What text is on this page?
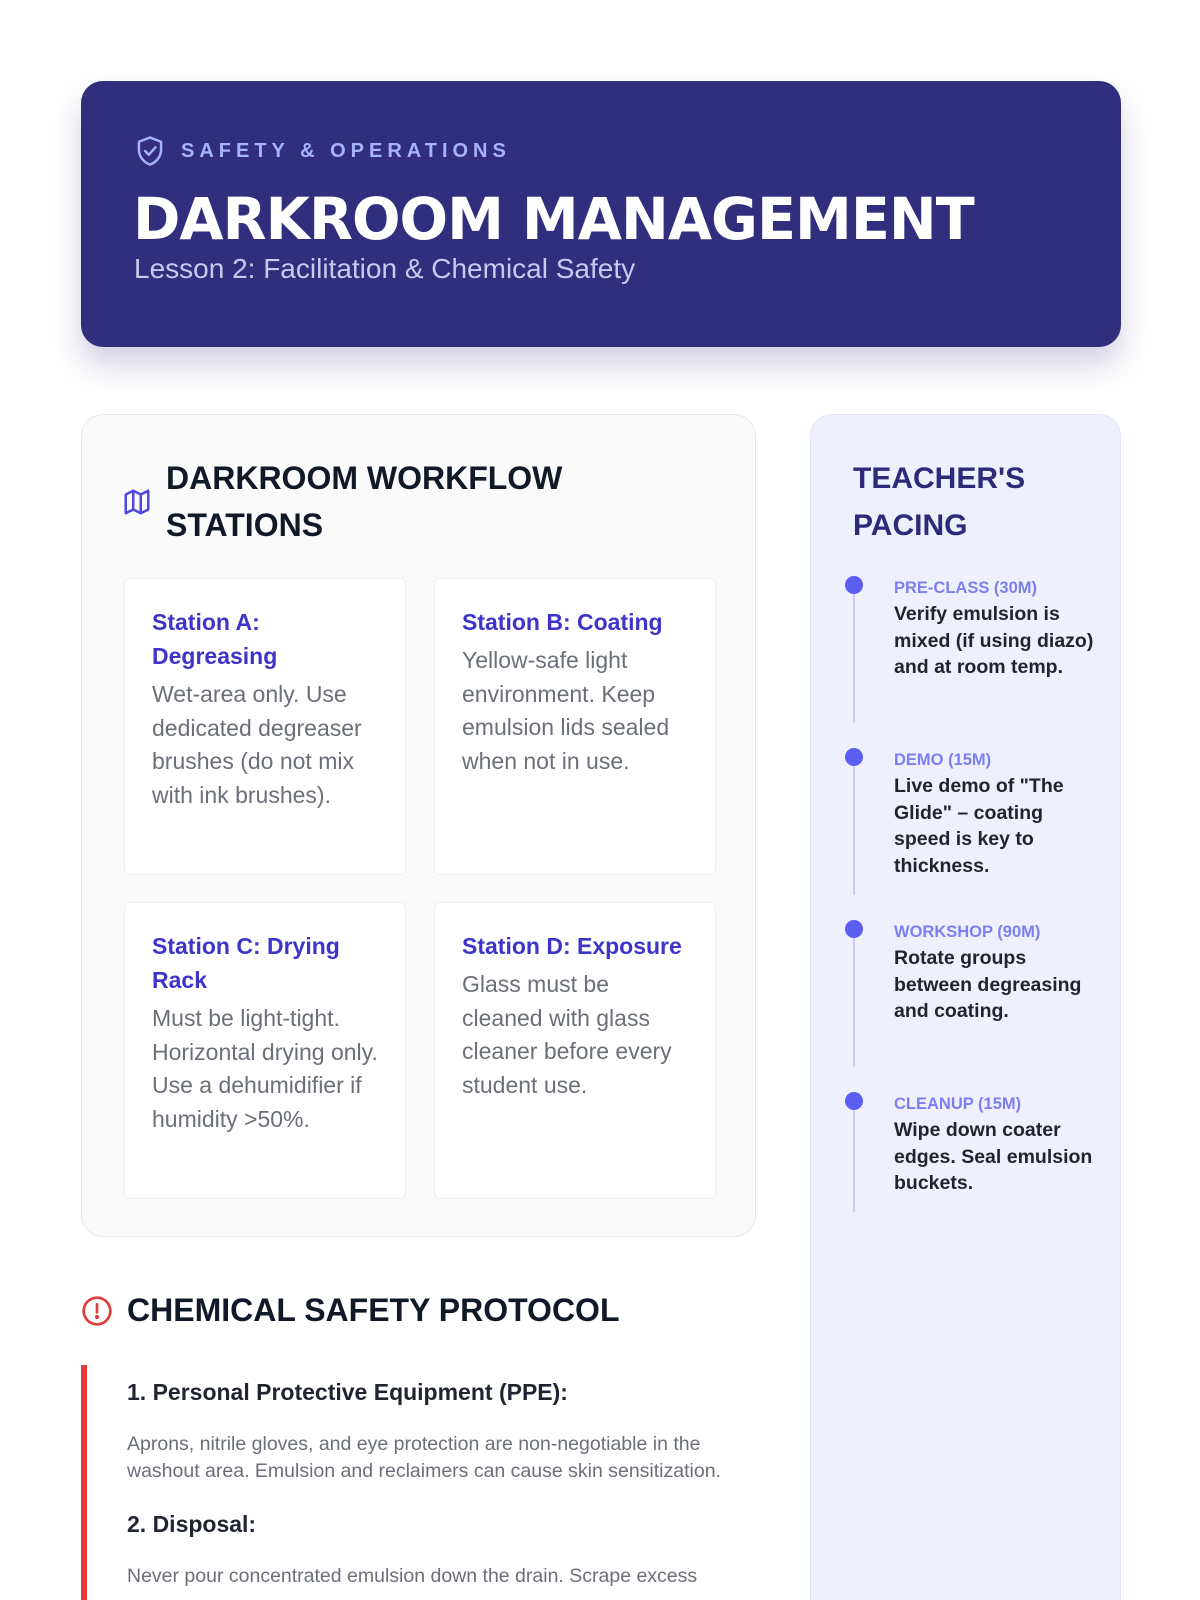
SAFETY & OPERATIONS
DARKROOM MANAGEMENT
Lesson 2: Facilitation & Chemical Safety
DARKROOM WORKFLOW STATIONS
Station A: Degreasing

Wet-area only. Use dedicated degreaser brushes (do not mix with ink brushes).

Station B: Coating

Yellow-safe light environment. Keep emulsion lids sealed when not in use.

Station C: Drying Rack

Must be light-tight. Horizontal drying only. Use a dehumidifier if humidity >50%.

Station D: Exposure

Glass must be cleaned with glass cleaner before every student use.

CHEMICAL SAFETY PROTOCOL
1. Personal Protective Equipment (PPE):

Aprons, nitrile gloves, and eye protection are non-negotiable in the washout area. Emulsion and reclaimers can cause skin sensitization.

2. Disposal:

Never pour concentrated emulsion down the drain. Scrape excess

TEACHER'S PACING
PRE-CLASS (30M)
Verify emulsion is mixed (if using diazo) and at room temp.
DEMO (15M)
Live demo of "The Glide" – coating speed is key to thickness.
WORKSHOP (90M)
Rotate groups between degreasing and coating.
CLEANUP (15M)
Wipe down coater edges. Seal emulsion buckets.
